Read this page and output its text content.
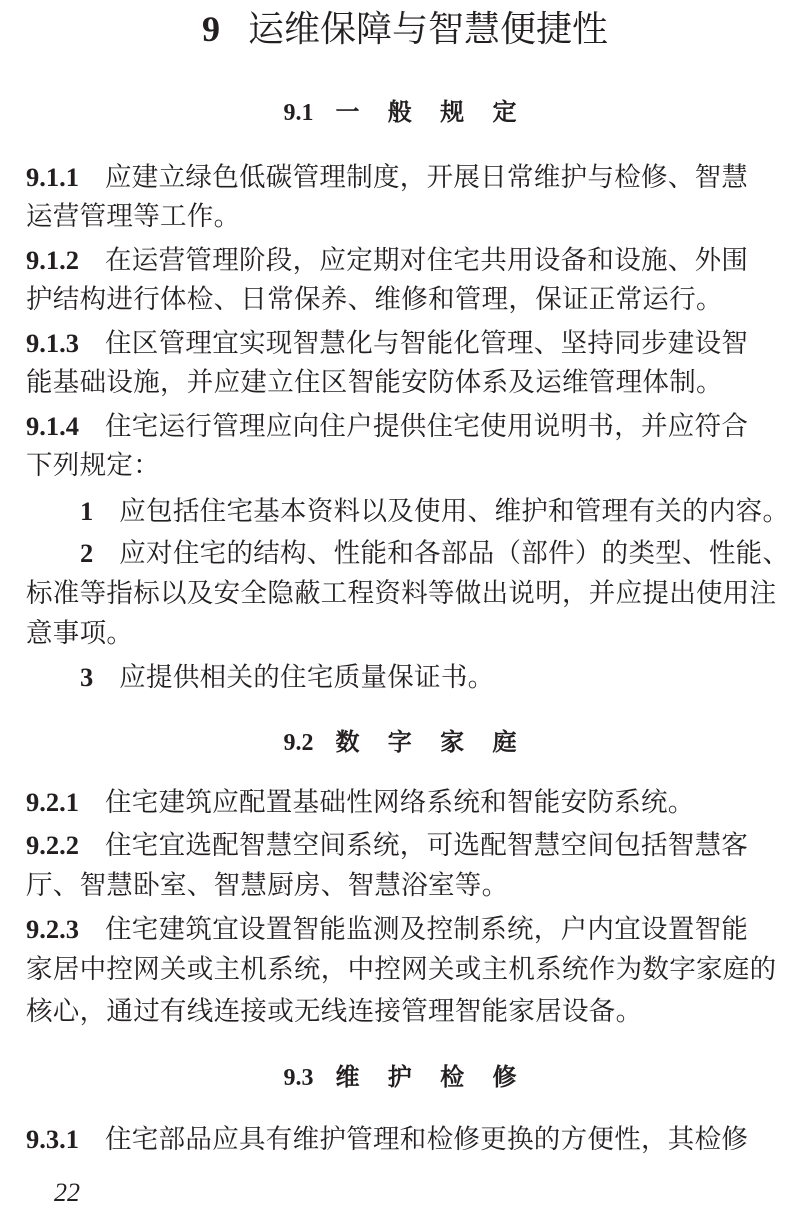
9 运维保障与智慧便捷性
9.1 一 般 规 定
9.1.1 应建立绿色低碳管理制度，开展日常维护与检修、智慧
运营管理等工作。
9.1.2 在运营管理阶段，应定期对住宅共用设备和设施、外围
护结构进行体检、日常保养、维修和管理，保证正常运行。
9.1.3 住区管理宜实现智慧化与智能化管理、坚持同步建设智
能基础设施，并应建立住区智能安防体系及运维管理体制。
9.1.4 住宅运行管理应向住户提供住宅使用说明书，并应符合
下列规定：
1 应包括住宅基本资料以及使用、维护和管理有关的内容。
2 应对住宅的结构、性能和各部品（部件）的类型、性能、
标准等指标以及安全隐蔽工程资料等做出说明，并应提出使用注
意事项。
3 应提供相关的住宅质量保证书。
9.2 数 字 家 庭
9.2.1 住宅建筑应配置基础性网络系统和智能安防系统。
9.2.2 住宅宜选配智慧空间系统，可选配智慧空间包括智慧客
厅、智慧卧室、智慧厨房、智慧浴室等。
9.2.3 住宅建筑宜设置智能监测及控制系统，户内宜设置智能
家居中控网关或主机系统，中控网关或主机系统作为数字家庭的
核心，通过有线连接或无线连接管理智能家居设备。
9.3 维 护 检 修
9.3.1 住宅部品应具有维护管理和检修更换的方便性，其检修
22
